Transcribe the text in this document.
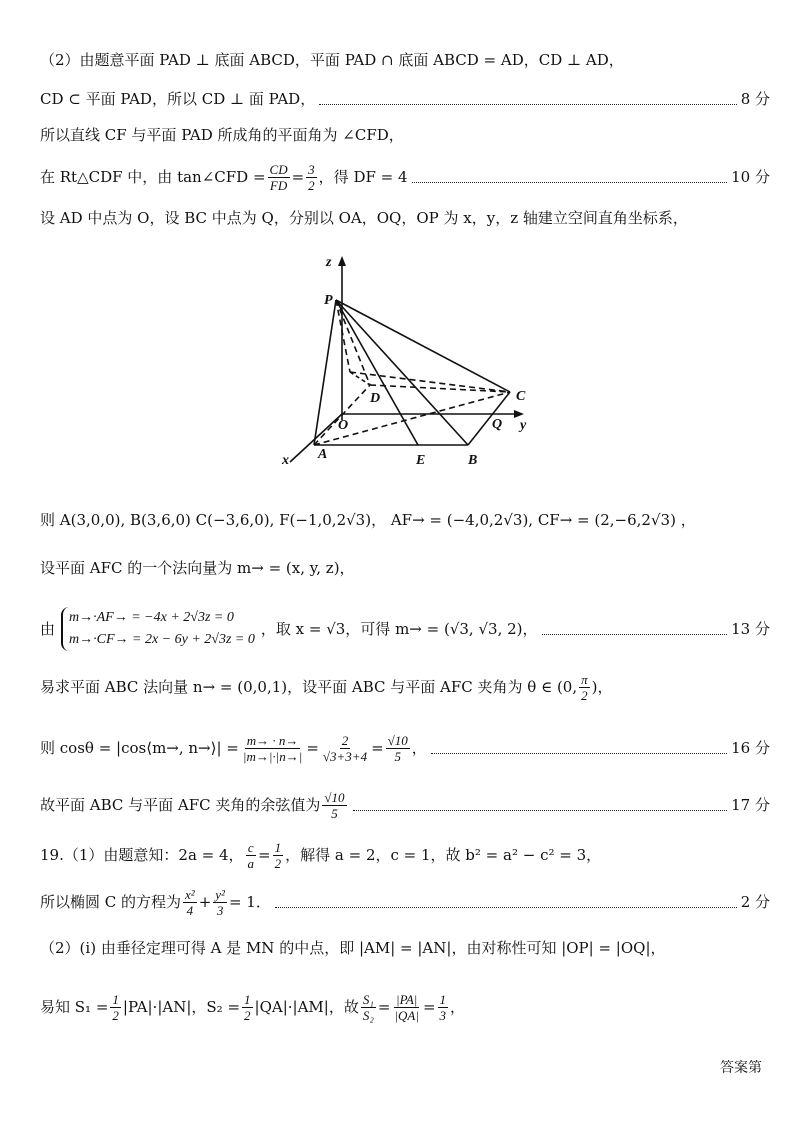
（2）由题意平面 PAD ⊥ 底面 ABCD，平面 PAD ∩ 底面 ABCD = AD，CD ⊥ AD，
CD ⊂ 平面 PAD，所以 CD ⊥ 面 PAD，	8 分
所以直线 CF 与平面 PAD 所成角的平面角为 ∠CFD，
在 Rt△CDF 中，由 tan∠CFD = $\frac{CD}{FD} = \frac{3}{2}$ ，得 DF = 4	10 分
设 AD 中点为 O，设 BC 中点为 Q，分别以 OA，OQ，OP 为 x，y，z 轴建立空间直角坐标系，
z
P
D	C
O	Q y
x A	E	B
则 A(3,0,0), B(3,6,0) C(−3,6,0), F(−1,0,2√3)， AF→ = (−4,0,2√3), CF→ = (2,−6,2√3) ，
设平面 AFC 的一个法向量为 m→ = (x, y, z)，
由
m→·AF→ = −4x + 2√3z = 0
m→·CF→ = 2x − 6y + 2√3z = 0
，取 x = √3，可得 m→ = (√3, √3, 2)，	13 分
易求平面 ABC 法向量 n→ = (0,0,1)，设平面 ABC 与平面 AFC 夹角为 θ ∈ (0, $\frac{\pi}{2}$ )，
则 cosθ = |cos⟨m→, n→⟩| = $\frac{m\to \cdot n\to}{|m\to|\cdot|n\to|} = \frac{2}{√3+3+4} = \frac{√10}{5}$ ，	16 分
故平面 ABC 与平面 AFC 夹角的余弦值为 $\frac{√10}{5}$	17 分
19.（1）由题意知：2a = 4， $\frac{c}{a} = \frac{1}{2}$ ，解得 a = 2，c = 1，故 b² = a² − c² = 3，
所以椭圆 C 的方程为 $\frac{\text{x²}}{4} + \frac{\text{y²}}{3} = 1$．	2 分
（2）(i) 由垂径定理可得 A 是 MN 的中点，即 |AM| = |AN|，由对称性可知 |OP| = |OQ|，
易知 $S_1 = \frac{1}{2} |PA|\cdot|AN|$，$S_2 = \frac{1}{2} |QA|\cdot|AM|$，故 $\frac{\text{S₁}}{\text{S₂}} = \frac{|PA|}{|QA|} = \frac{1}{3}$ ，
答案第
